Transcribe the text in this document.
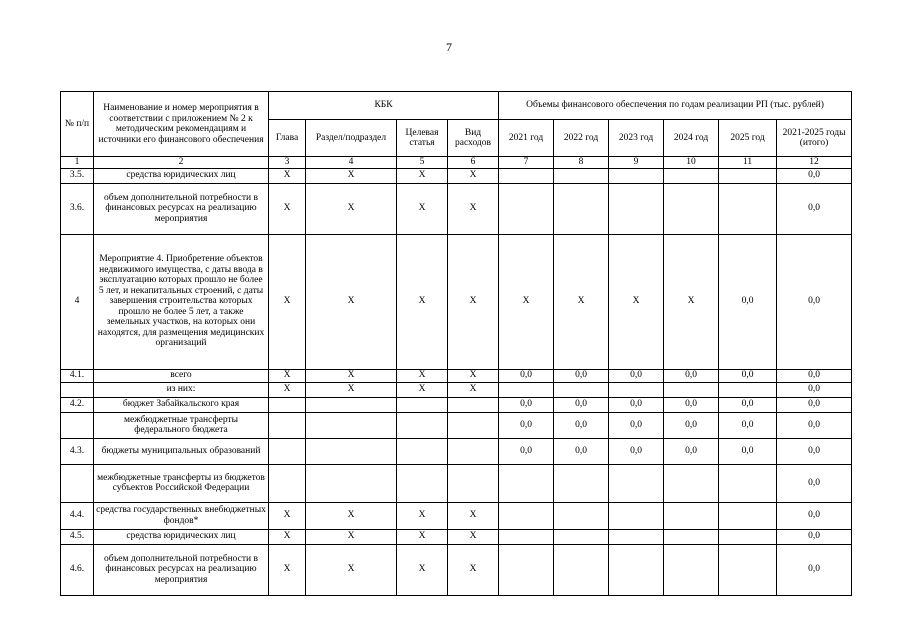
7
№ п/п	Наименование и номер мероприятия в соответствии с приложением № 2 к методическим рекомендациям и источники его финансового обеспечения	КБК				Объемы финансового обеспечения по годам реализации РП (тыс. рублей)					
		Глава	Раздел/подраздел	Целевая статья	Вид расходов	2021 год	2022 год	2023 год	2024 год	2025 год	2021-2025 годы (итого)
1	2	3	4	5	6	7	8	9	10	11	12
3.5.	средства юридических лиц	X	X	X	X						0,0
3.6.	объем дополнительной потребности в финансовых ресурсах на реализацию мероприятия	X	X	X	X						0,0
4	Мероприятие 4. Приобретение объектов недвижимого имущества, с даты ввода в эксплуатацию которых прошло не более 5 лет, и некапитальных строений, с даты завершения строительства которых прошло не более 5 лет, а также земельных участков, на которых они находятся, для размещения медицинских организаций	X	X	X	X	X	X	X	X	0,0	0,0
4.1.	всего	X	X	X	X	0,0	0,0	0,0	0,0	0,0	0,0
	из них:	X	X	X	X						0,0
4.2.	бюджет Забайкальского края					0,0	0,0	0,0	0,0	0,0	0,0
	межбюджетные трансферты федерального бюджета					0,0	0,0	0,0	0,0	0,0	0,0
4.3.	бюджеты муниципальных образований					0,0	0,0	0,0	0,0	0,0	0,0
	межбюджетные трансферты из бюджетов субъектов Российской Федерации										0,0
4.4.	средства государственных внебюджетных фондов*	X	X	X	X						0,0
4.5.	средства юридических лиц	X	X	X	X						0,0
4.6.	объем дополнительной потребности в финансовых ресурсах на реализацию мероприятия	X	X	X	X						0,0
